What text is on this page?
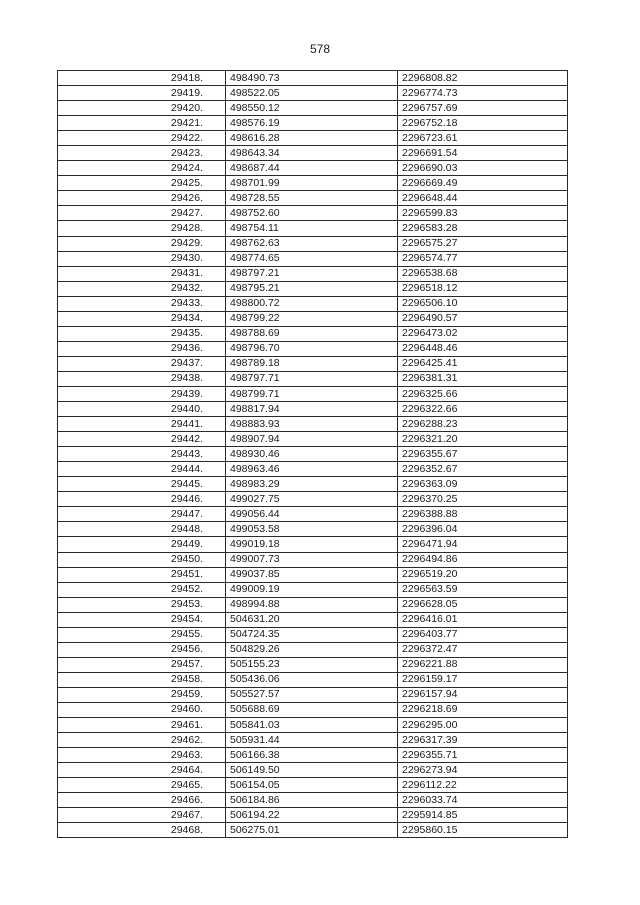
578
29418.	498490.73	2296808.82
29419.	498522.05	2296774.73
29420.	498550.12	2296757.69
29421.	498576.19	2296752.18
29422.	498616.28	2296723.61
29423.	498643.34	2296691.54
29424.	498687.44	2296690.03
29425.	498701.99	2296669.49
29426.	498728.55	2296648.44
29427.	498752.60	2296599.83
29428.	498754.11	2296583.28
29429.	498762.63	2296575.27
29430.	498774.65	2296574.77
29431.	498797.21	2296538.68
29432.	498795.21	2296518.12
29433.	498800.72	2296506.10
29434.	498799.22	2296490.57
29435.	498788.69	2296473.02
29436.	498796.70	2296448.46
29437.	498789.18	2296425.41
29438.	498797.71	2296381.31
29439.	498799.71	2296325.66
29440.	498817.94	2296322.66
29441.	498883.93	2296288.23
29442.	498907.94	2296321.20
29443.	498930.46	2296355.67
29444.	498963.46	2296352.67
29445.	498983.29	2296363.09
29446.	499027.75	2296370.25
29447.	499056.44	2296388.88
29448.	499053.58	2296396.04
29449.	499019.18	2296471.94
29450.	499007.73	2296494.86
29451.	499037.85	2296519.20
29452.	499009.19	2296563.59
29453.	498994.88	2296628.05
29454.	504631.20	2296416.01
29455.	504724.35	2296403.77
29456.	504829.26	2296372.47
29457.	505155.23	2296221.88
29458.	505436.06	2296159.17
29459.	505527.57	2296157.94
29460.	505688.69	2296218.69
29461.	505841.03	2296295.00
29462.	505931.44	2296317.39
29463.	506166.38	2296355.71
29464.	506149.50	2296273.94
29465.	506154.05	2296112.22
29466.	506184.86	2296033.74
29467.	506194.22	2295914.85
29468.	506275.01	2295860.15
